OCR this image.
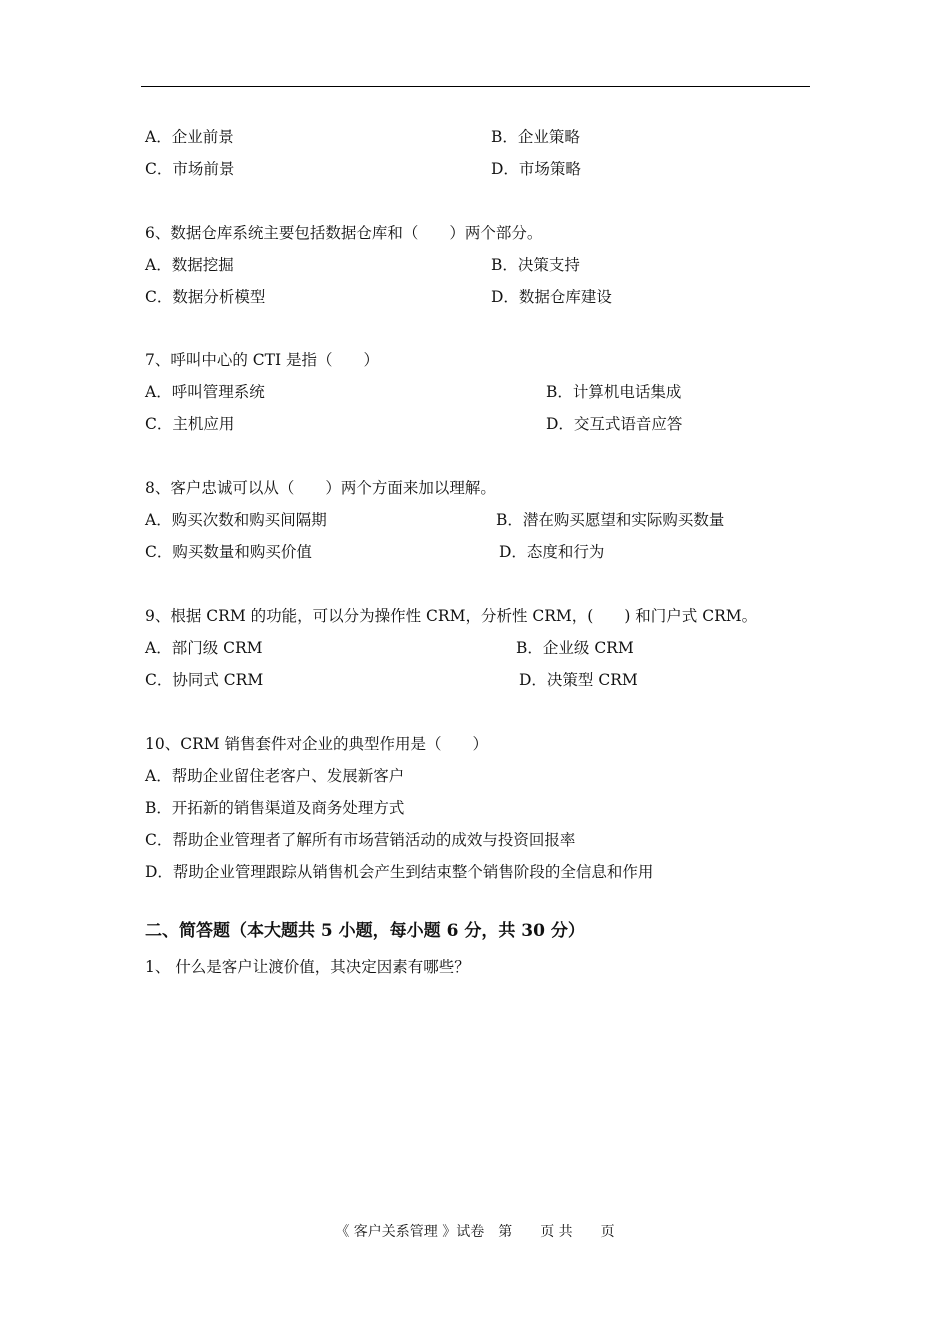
A．企业前景	B．企业策略
C．市场前景	D．市场策略
6、数据仓库系统主要包括数据仓库和（　　）两个部分。
A．数据挖掘	B．决策支持
C．数据分析模型	D．数据仓库建设
7、呼叫中心的 CTI 是指（　　）
A．呼叫管理系统	B．计算机电话集成
C．主机应用	D．交互式语音应答
8、客户忠诚可以从（　　）两个方面来加以理解。
A．购买次数和购买间隔期	B．潜在购买愿望和实际购买数量
C．购买数量和购买价值	D．态度和行为
9、根据 CRM 的功能，可以分为操作性 CRM，分析性 CRM，(　　) 和门户式 CRM。
A．部门级 CRM	B．企业级 CRM
C．协同式 CRM	D．决策型 CRM
10、CRM 销售套件对企业的典型作用是（　　）
A．帮助企业留住老客户、发展新客户
B．开拓新的销售渠道及商务处理方式
C．帮助企业管理者了解所有市场营销活动的成效与投资回报率
D．帮助企业管理跟踪从销售机会产生到结束整个销售阶段的全信息和作用
二、简答题（本大题共 5 小题，每小题 6 分，共 30 分）
1、 什么是客户让渡价值，其决定因素有哪些？
《 客户关系管理 》试卷　第　　页 共　　页
